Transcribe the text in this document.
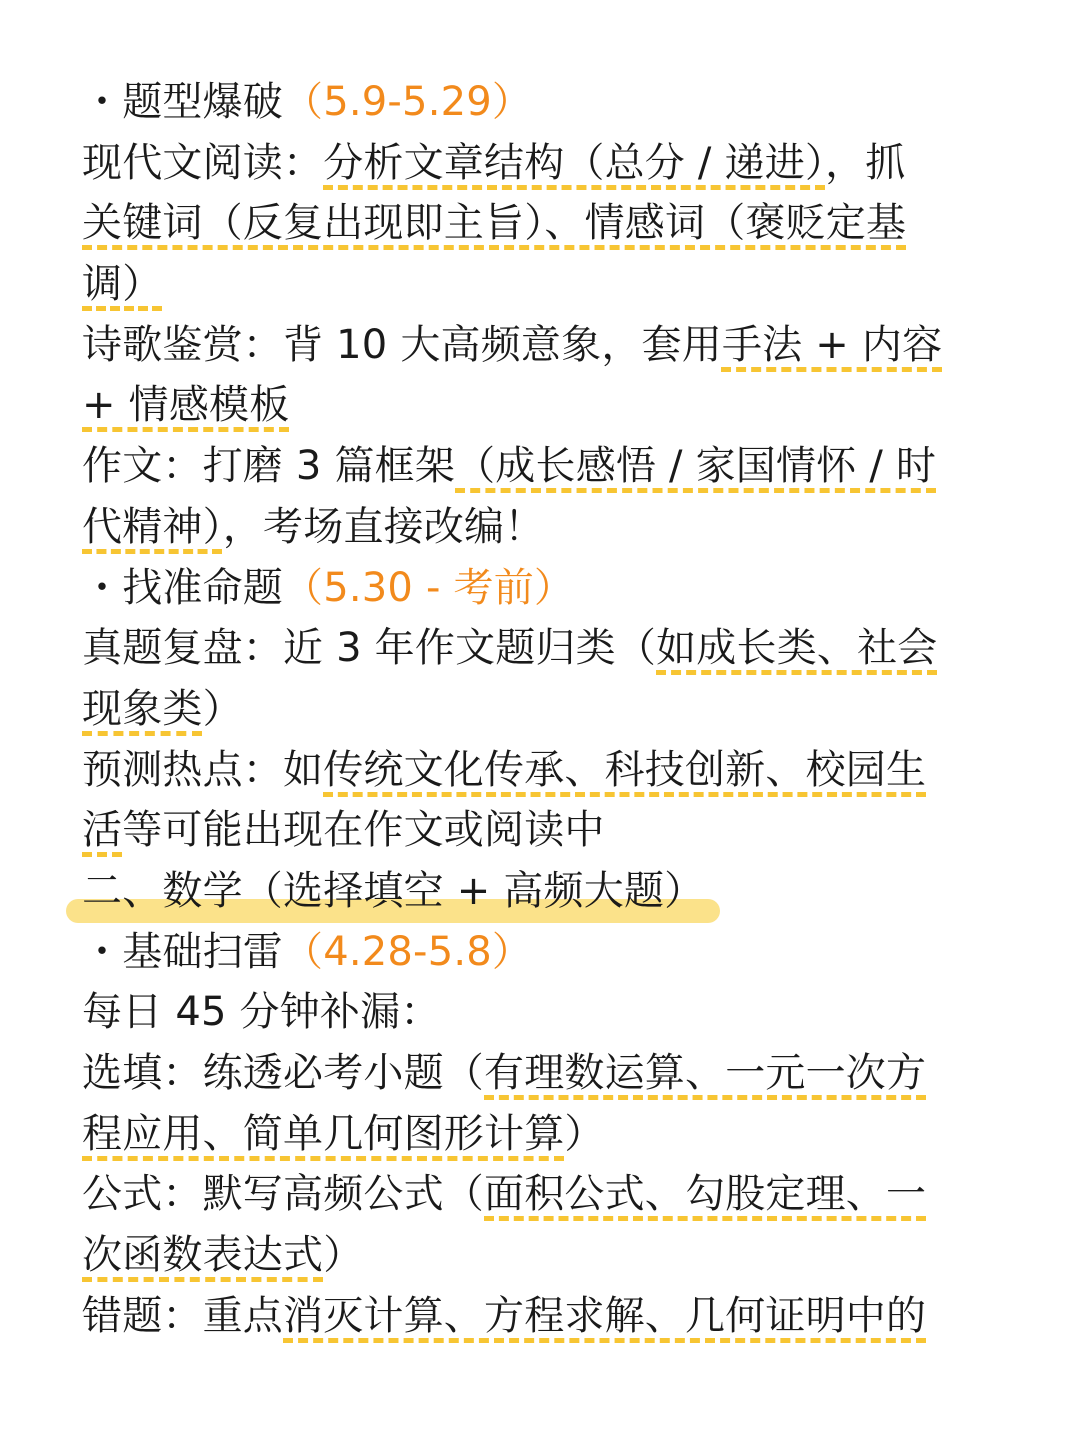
・题型爆破（5.9-5.29）
现代文阅读：分析文章结构（总分 / 递进），抓
关键词（反复出现即主旨）、情感词（褒贬定基
调）
诗歌鉴赏：背 10 大高频意象，套用手法 + 内容
+ 情感模板
作文：打磨 3 篇框架（成长感悟 / 家国情怀 / 时
代精神），考场直接改编！
・找准命题（5.30 - 考前）
真题复盘：近 3 年作文题归类（如成长类、社会
现象类）
预测热点：如传统文化传承、科技创新、校园生
活等可能出现在作文或阅读中
二、数学（选择填空 + 高频大题）
・基础扫雷（4.28-5.8）
每日 45 分钟补漏：
选填：练透必考小题（有理数运算、一元一次方
程应用、简单几何图形计算）
公式：默写高频公式（面积公式、勾股定理、一
次函数表达式）
错题：重点消灭计算、方程求解、几何证明中的
